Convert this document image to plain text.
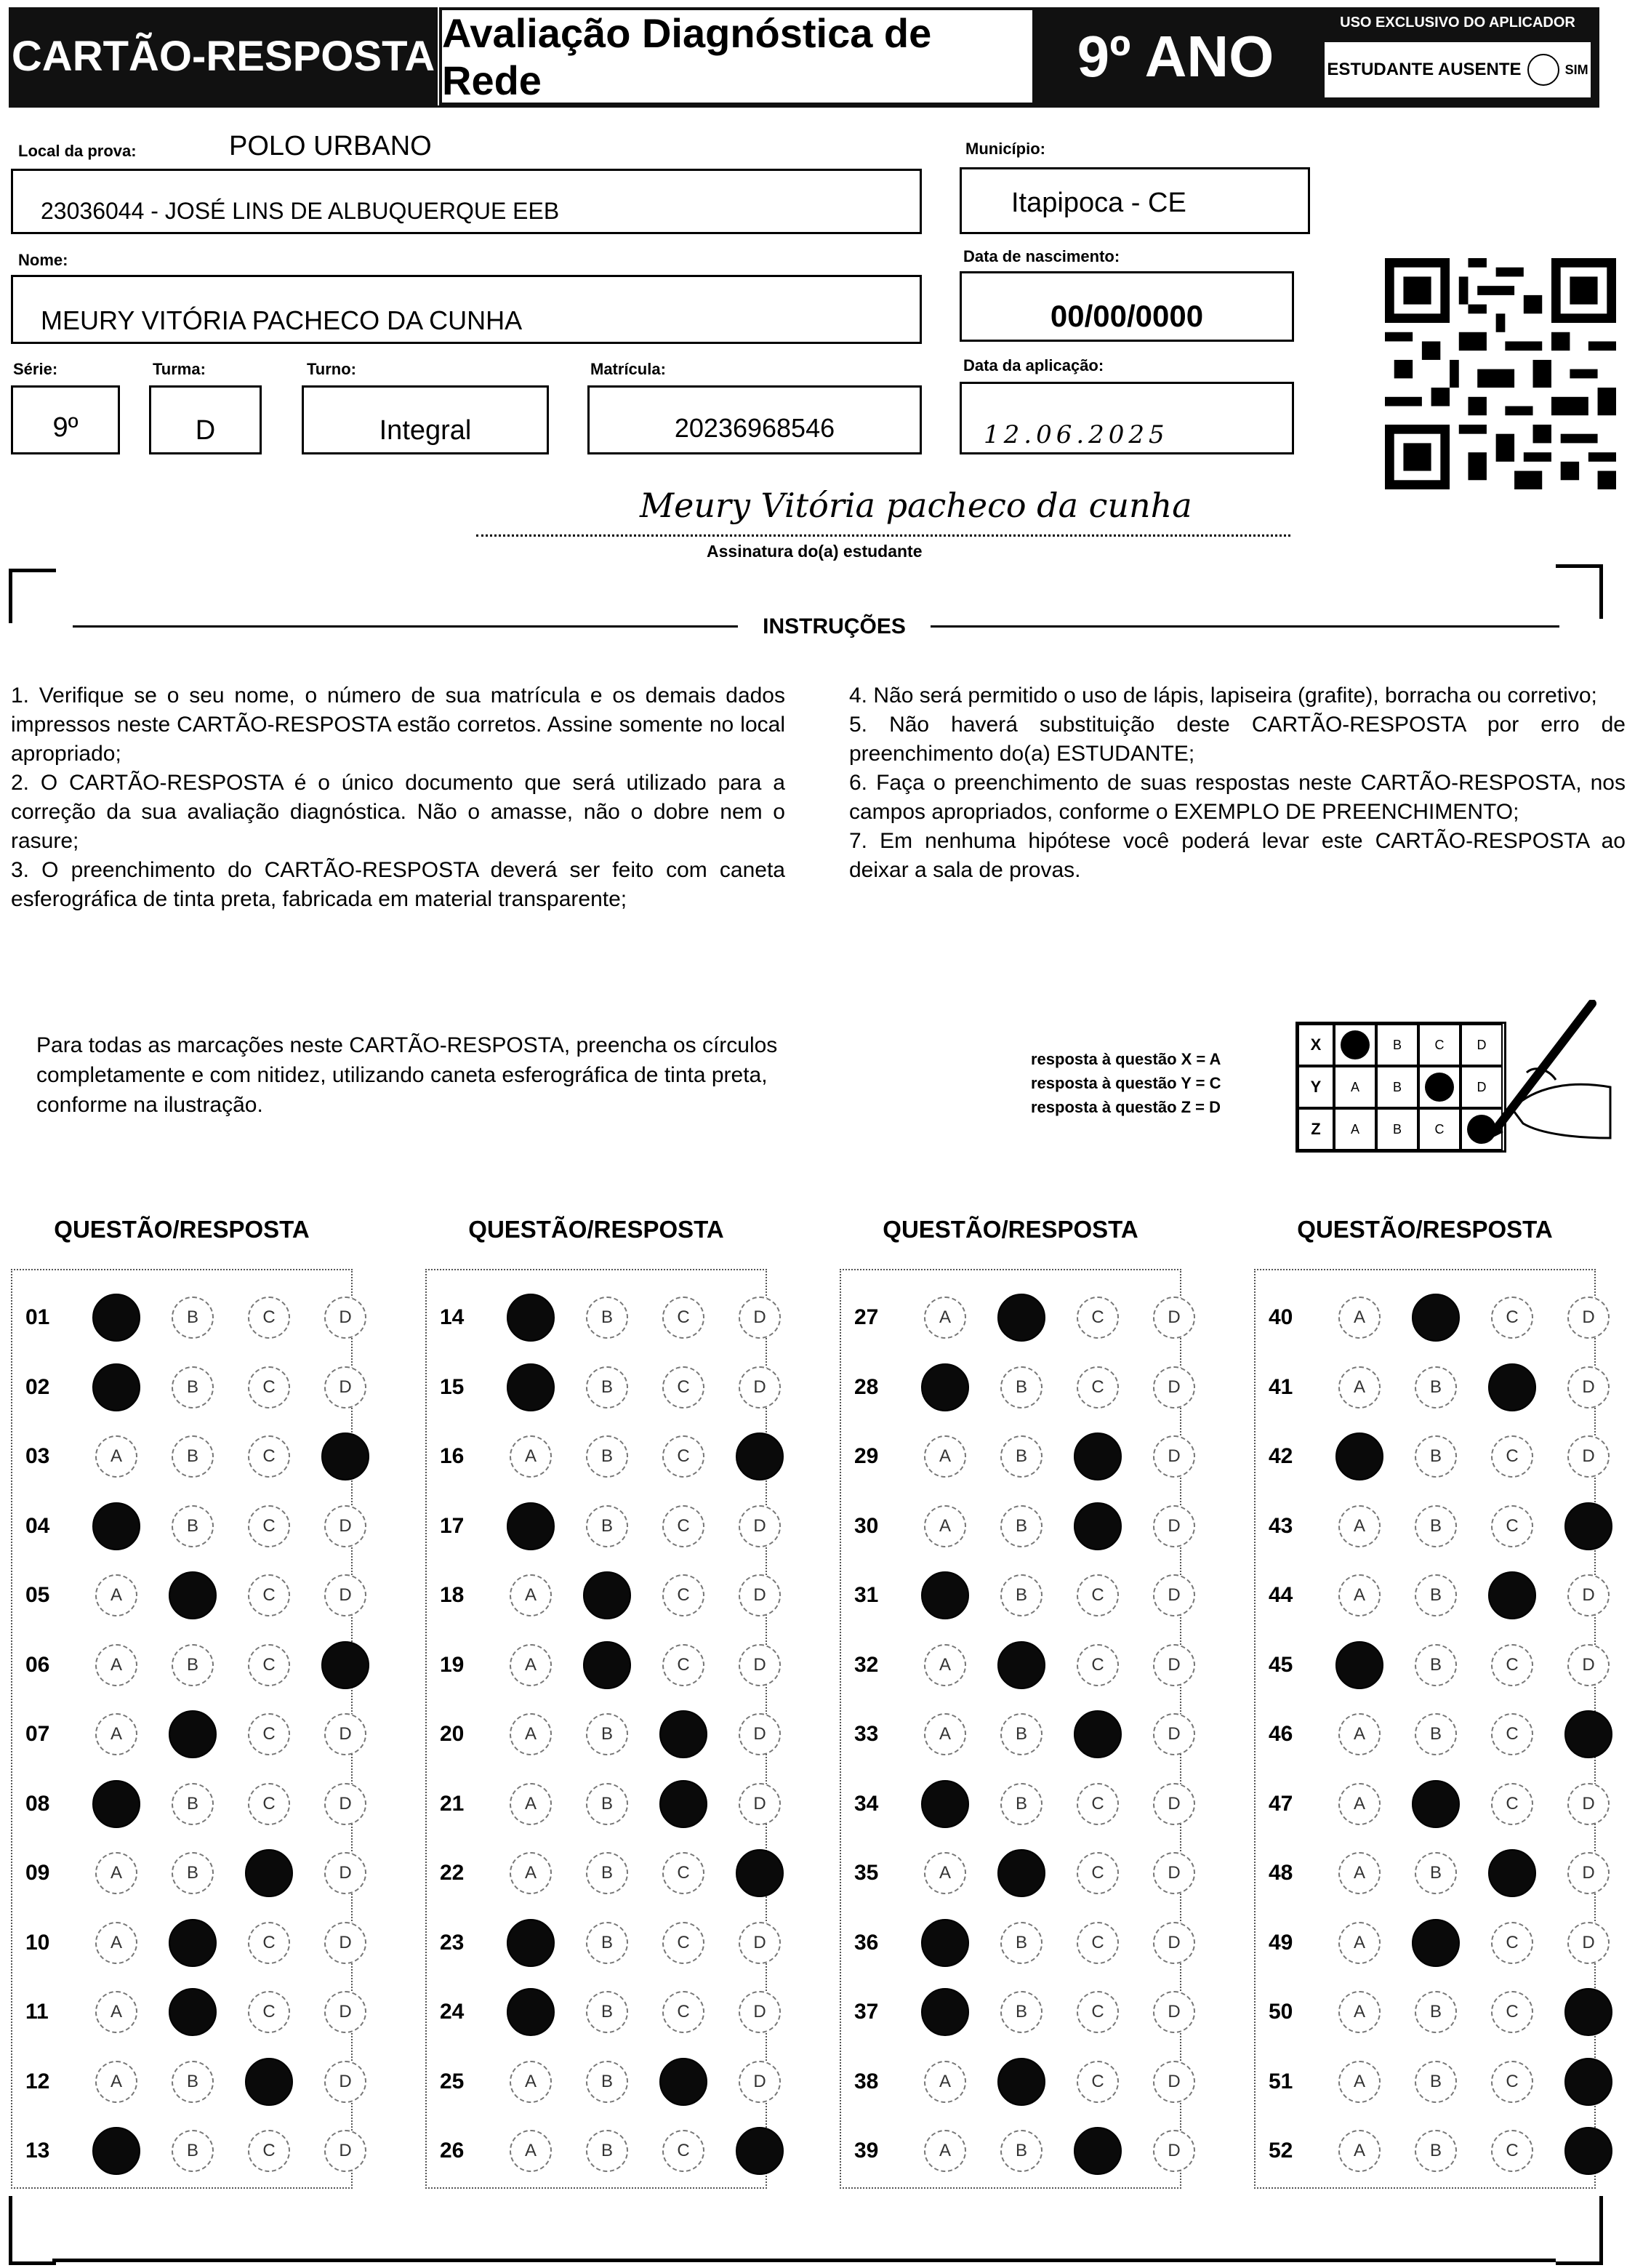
CARTÃO-RESPOSTA Avaliação Diagnóstica de Rede	9º ANO
USO EXCLUSIVO DO APLICADOR
ESTUDANTE AUSENTE	SIM
Local da prova:	POLO URBANO
23036044 - JOSÉ LINS DE ALBUQUERQUE EEB
Município:
Itapipoca - CE
Nome:
MEURY VITÓRIA PACHECO DA CUNHA
Data de nascimento:
00/00/0000
Série:
9º
Turma:
D
Turno:
Integral
Matrícula:
20236968546
Data da aplicação:
12.06.2025
Meury Vitória pacheco da cunha
Assinatura do(a) estudante
INSTRUÇÕES
1. Verifique se o seu nome, o número de sua matrícula e os demais dados impressos neste CARTÃO-RESPOSTA estão corretos. Assine somente no local apropriado;
2. O CARTÃO-RESPOSTA é o único documento que será utilizado para a correção da sua avaliação diagnóstica. Não o amasse, não o dobre nem o rasure;
3. O preenchimento do CARTÃO-RESPOSTA deverá ser feito com caneta esferográfica de tinta preta, fabricada em material transparente;
4. Não será permitido o uso de lápis, lapiseira (grafite), borracha ou corretivo;
5. Não haverá substituição deste CARTÃO-RESPOSTA por erro de preenchimento do(a) ESTUDANTE;
6. Faça o preenchimento de suas respostas neste CARTÃO-RESPOSTA, nos campos apropriados, conforme o EXEMPLO DE PREENCHIMENTO;
7. Em nenhuma hipótese você poderá levar este CARTÃO-RESPOSTA ao deixar a sala de provas.
Para todas as marcações neste CARTÃO-RESPOSTA, preencha os círculos completamente e com nitidez, utilizando caneta esferográfica de tinta preta, conforme na ilustração.
resposta à questão X = A
resposta à questão Y = C
resposta à questão Z = D
X	B	C	D
Y	A	B	D
Z	A	B	C
QUESTÃO/RESPOSTA
01	B	C	D
02	B	C	D
03	A	B	C
04	B	C	D
05	A	C	D
06	A	B	C
07	A	C	D
08	B	C	D
09	A	B	D
10	A	C	D
11	A	C	D
12	A	B	D
13	B	C	D
QUESTÃO/RESPOSTA
14	B	C	D
15	B	C	D
16	A	B	C
17	B	C	D
18	A	C	D
19	A	C	D
20	A	B	D
21	A	B	D
22	A	B	C
23	B	C	D
24	B	C	D
25	A	B	D
26	A	B	C
QUESTÃO/RESPOSTA
27	A	C	D
28	B	C	D
29	A	B	D
30	A	B	D
31	B	C	D
32	A	C	D
33	A	B	D
34	B	C	D
35	A	C	D
36	B	C	D
37	B	C	D
38	A	C	D
39	A	B	D
QUESTÃO/RESPOSTA
40	A	C	D
41	A	B	D
42	B	C	D
43	A	B	C
44	A	B	D
45	B	C	D
46	A	B	C
47	A	C	D
48	A	B	D
49	A	C	D
50	A	B	C
51	A	B	C
52	A	B	C
